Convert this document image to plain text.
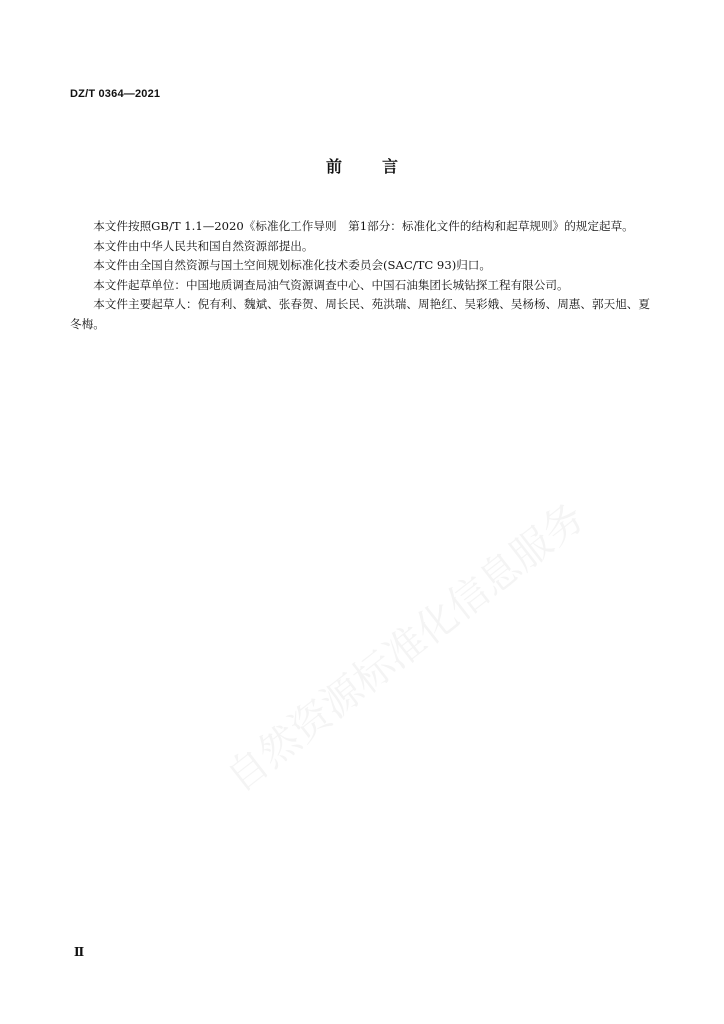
DZ/T 0364—2021
前	言

本文件按照GB/T 1.1—2020《标准化工作导则　第1部分：标准化文件的结构和起草规则》的规定起草。

本文件由中华人民共和国自然资源部提出。

本文件由全国自然资源与国土空间规划标准化技术委员会(SAC/TC 93)归口。

本文件起草单位：中国地质调查局油气资源调查中心、中国石油集团长城钻探工程有限公司。

本文件主要起草人：倪有利、魏斌、张春贺、周长民、苑洪瑞、周艳红、吴彩娥、吴杨杨、周惠、郭天旭、夏冬梅。

自然资源标准化信息服务
Ⅱ
